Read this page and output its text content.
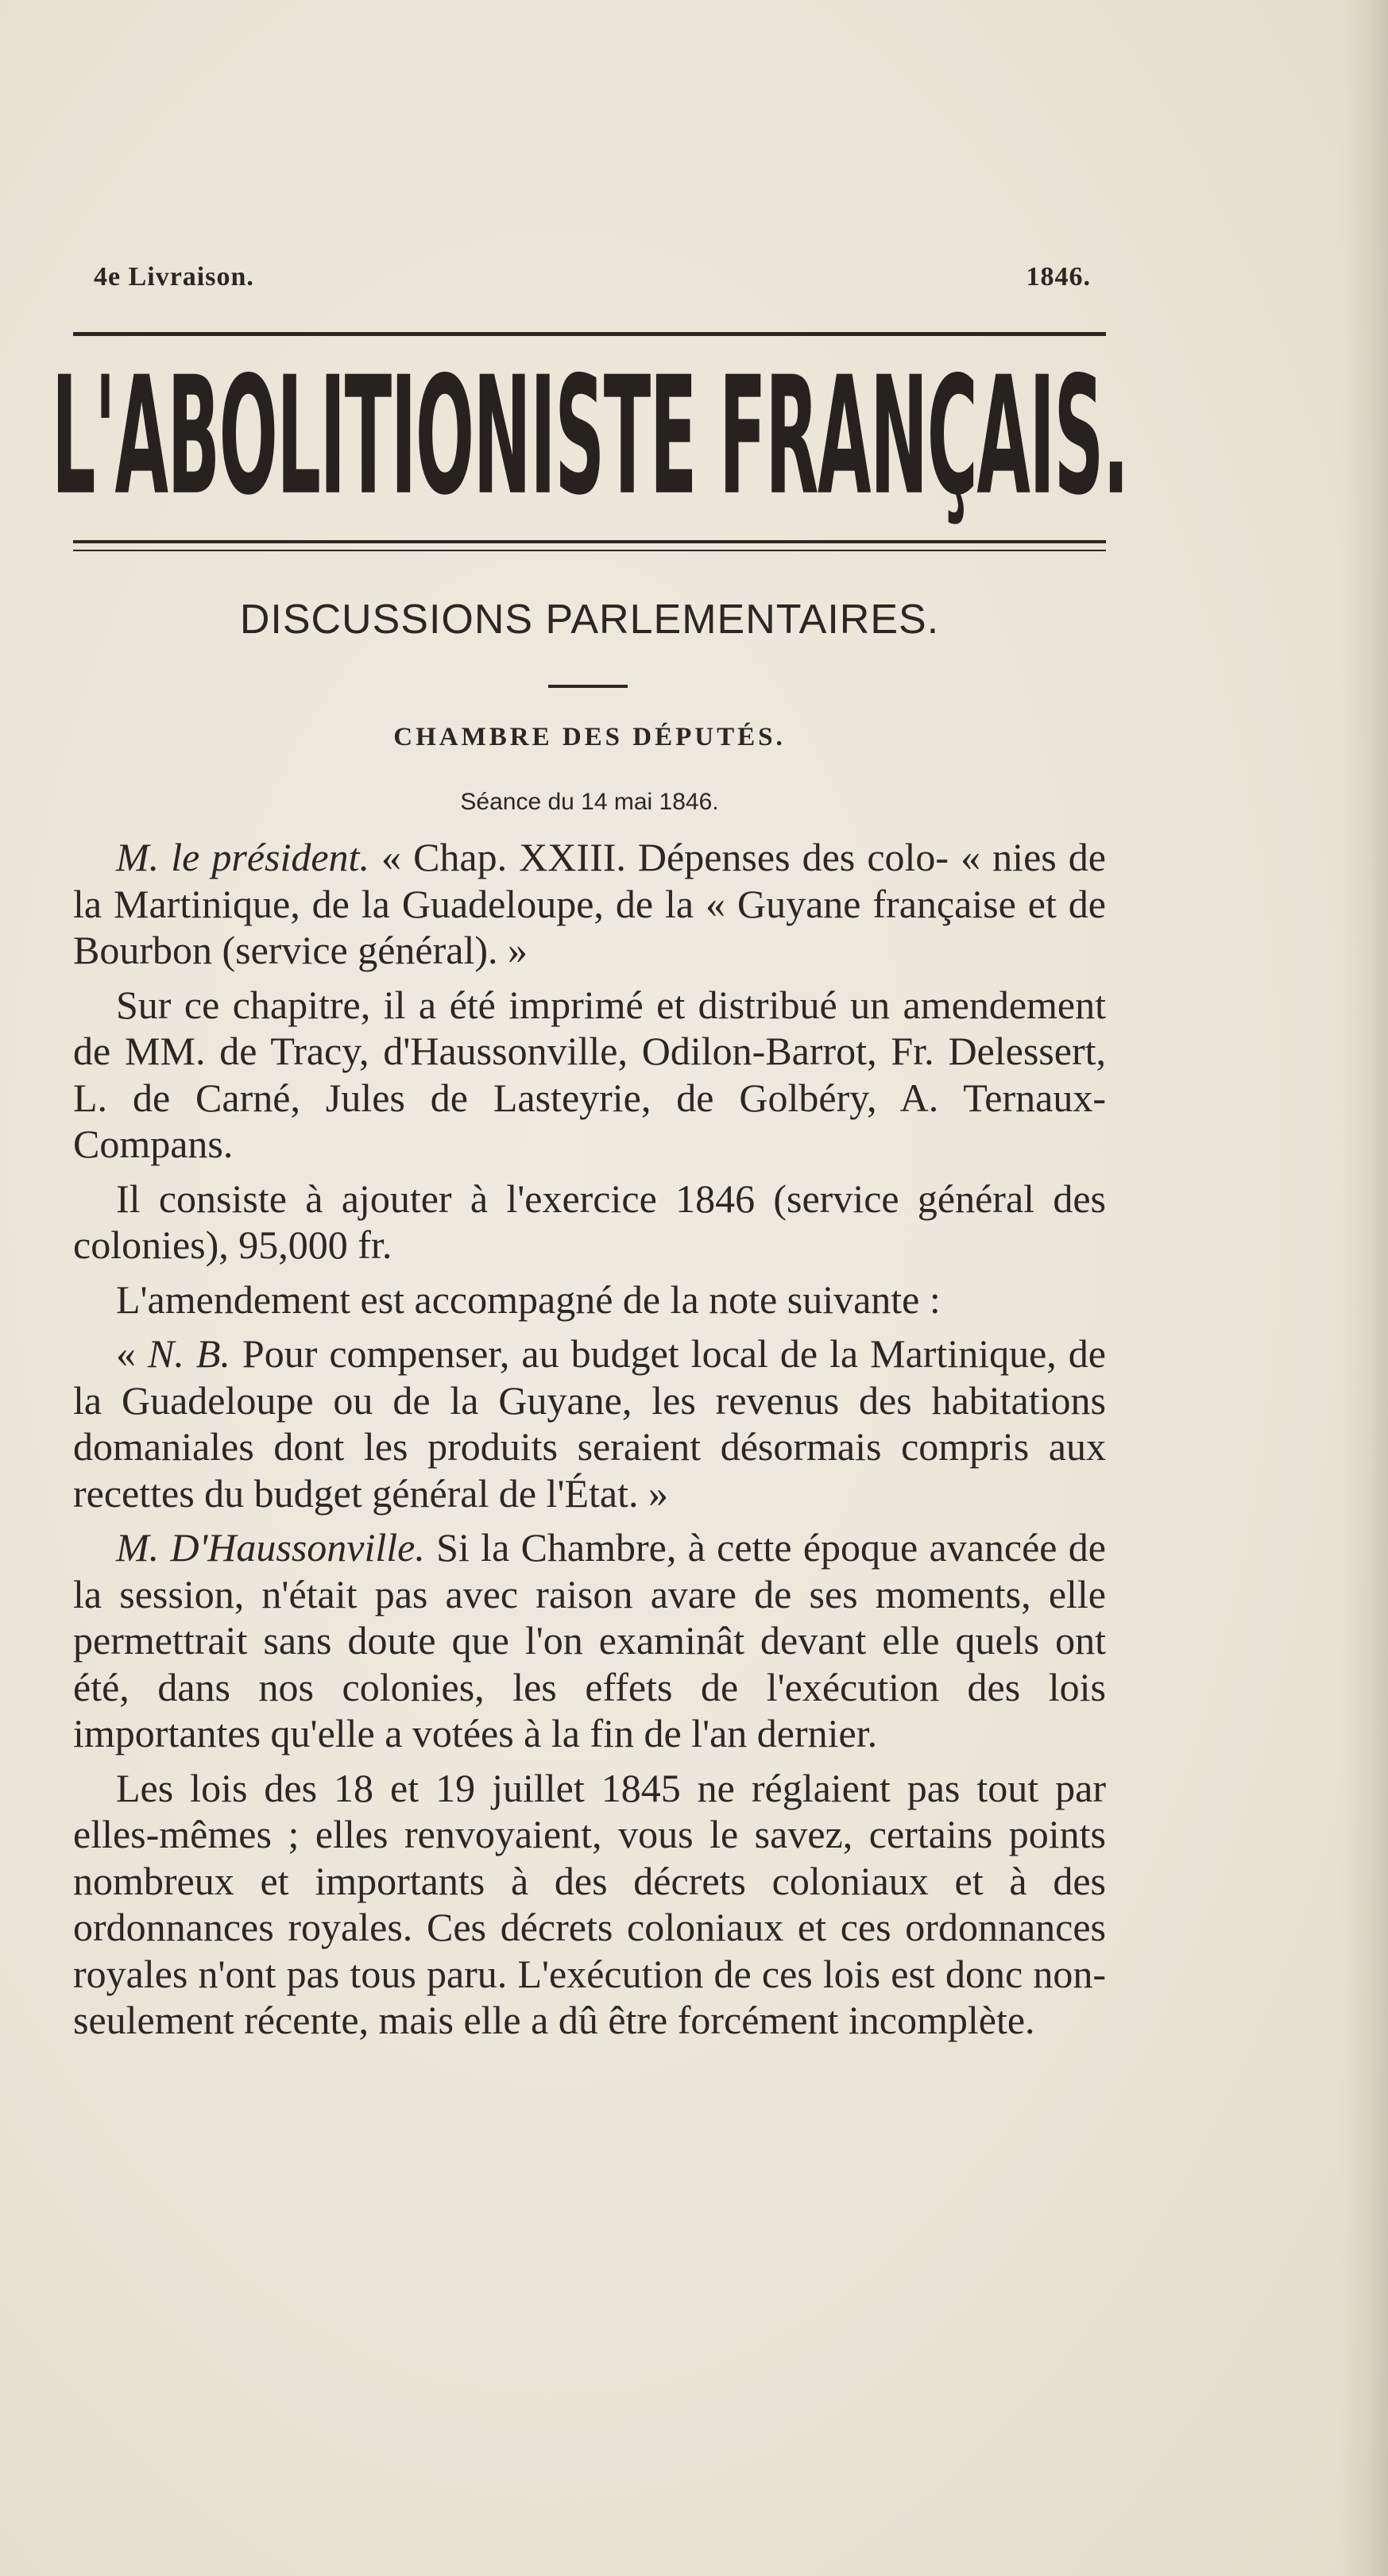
4e Livraison.	1846.
L'ABOLITIONISTE FRANÇAIS.
DISCUSSIONS PARLEMENTAIRES.
CHAMBRE DES DÉPUTÉS.
Séance du 14 mai 1846.

M. le président. « Chap. XXIII. Dépenses des colo- « nies de la Martinique, de la Guadeloupe, de la « Guyane française et de Bourbon (service général). »

Sur ce chapitre, il a été imprimé et distribué un amendement de MM. de Tracy, d'Haussonville, Odilon-Barrot, Fr. Delessert, L. de Carné, Jules de Lasteyrie, de Golbéry, A. Ternaux-Compans.

Il consiste à ajouter à l'exercice 1846 (service général des colonies), 95,000 fr.

L'amendement est accompagné de la note suivante :

« N. B. Pour compenser, au budget local de la Martinique, de la Guadeloupe ou de la Guyane, les revenus des habitations domaniales dont les produits seraient désormais compris aux recettes du budget général de l'État. »

M. D'Haussonville. Si la Chambre, à cette époque avancée de la session, n'était pas avec raison avare de ses moments, elle permettrait sans doute que l'on examinât devant elle quels ont été, dans nos colonies, les effets de l'exécution des lois importantes qu'elle a votées à la fin de l'an dernier.

Les lois des 18 et 19 juillet 1845 ne réglaient pas tout par elles-mêmes ; elles renvoyaient, vous le savez, certains points nombreux et importants à des décrets coloniaux et à des ordonnances royales. Ces décrets coloniaux et ces ordonnances royales n'ont pas tous paru. L'exécution de ces lois est donc non-seulement récente, mais elle a dû être forcément incomplète.
